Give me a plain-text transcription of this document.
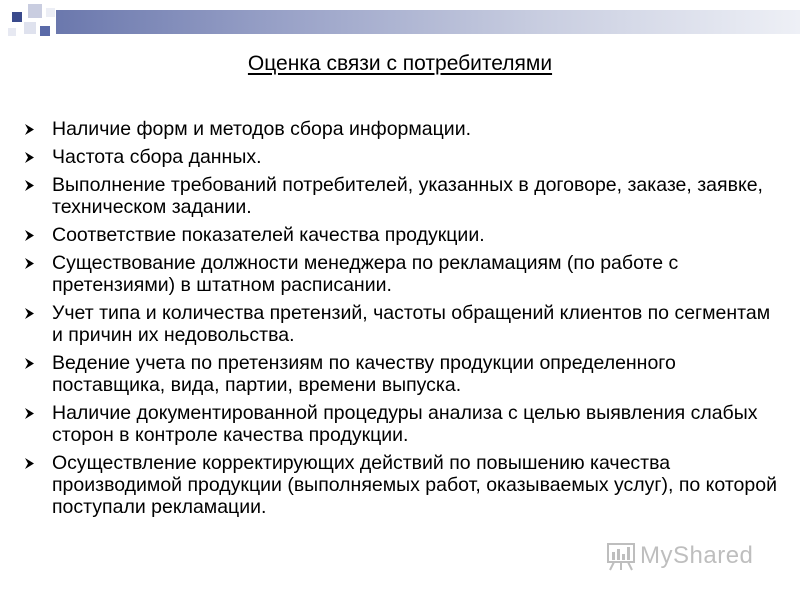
Оценка связи с потребителями
Наличие форм и методов сбора информации.
Частота сбора данных.
Выполнение требований потребителей, указанных в договоре, заказе, заявке, техническом задании.
Соответствие показателей качества продукции.
Существование должности менеджера по рекламациям (по работе с претензиями) в штатном расписании.
Учет типа и количества претензий, частоты обращений клиентов по сегментам и причин их недовольства.
Ведение учета по претензиям по качеству продукции определенного поставщика, вида, партии, времени выпуска.
Наличие документированной процедуры анализа с целью выявления слабых сторон в контроле качества продукции.
Осуществление корректирующих действий по повышению качества производимой продукции (выполняемых работ, оказываемых услуг), по которой поступали рекламации.
MyShared
